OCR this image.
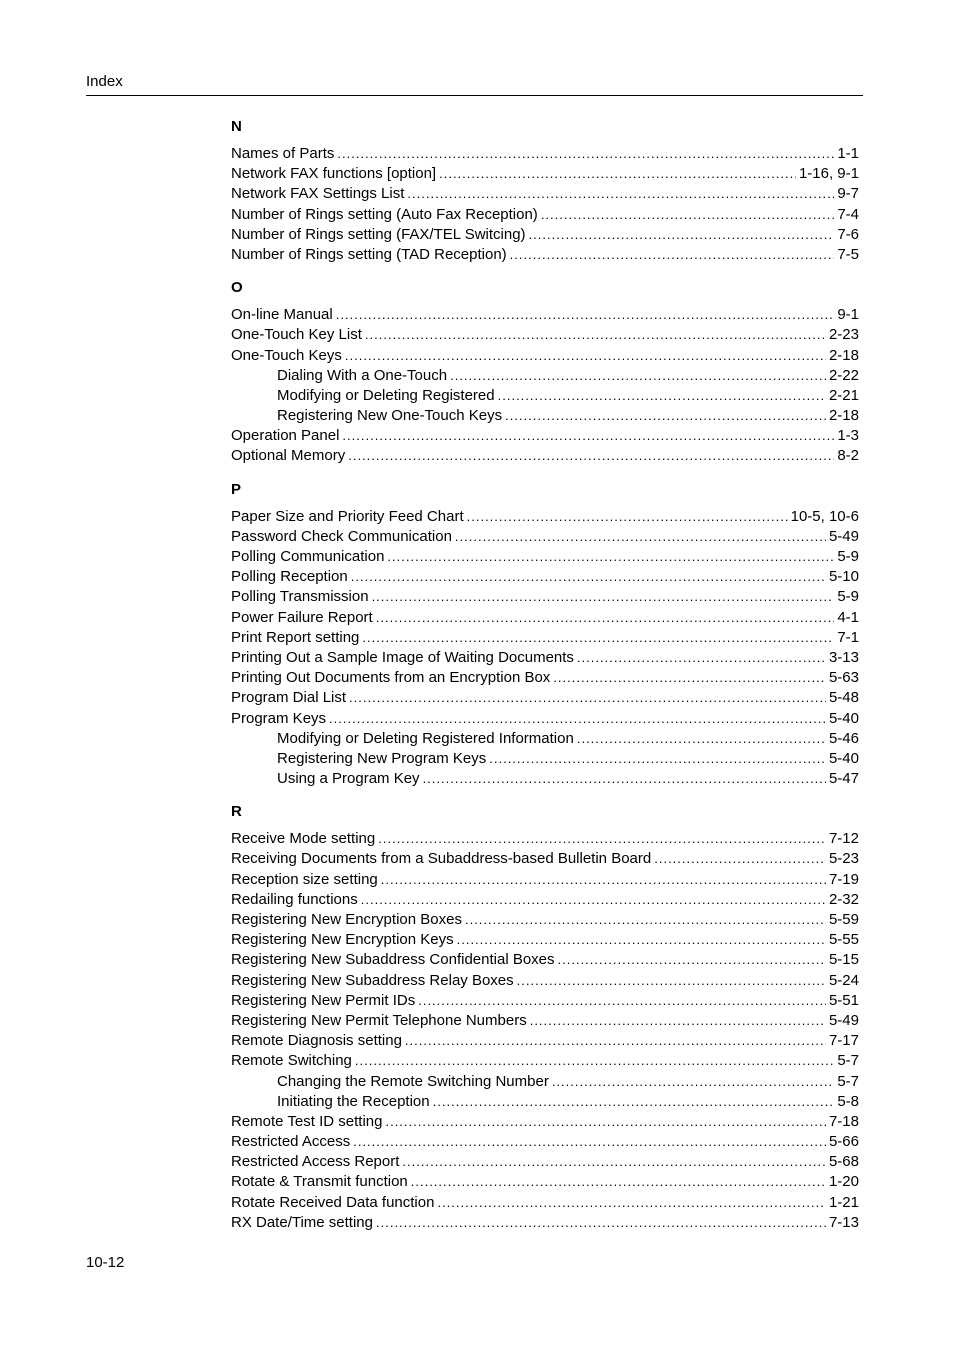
Index
N
Names of Parts .....	1-1
Network FAX functions [option] .....	1-16, 9-1
Network FAX Settings List .....	9-7
Number of Rings setting (Auto Fax Reception) .....	7-4
Number of Rings setting (FAX/TEL Switcing) .....	7-6
Number of Rings setting (TAD Reception) .....	7-5
O
On-line Manual .....	9-1
One-Touch Key List .....	2-23
One-Touch Keys .....	2-18
Dialing With a One-Touch .....	2-22
Modifying or Deleting Registered .....	2-21
Registering New One-Touch Keys .....	2-18
Operation Panel .....	1-3
Optional Memory .....	8-2
P
Paper Size and Priority Feed Chart .....	10-5, 10-6
Password Check Communication .....	5-49
Polling Communication .....	5-9
Polling Reception .....	5-10
Polling Transmission .....	5-9
Power Failure Report .....	4-1
Print Report setting .....	7-1
Printing Out a Sample Image of Waiting Documents .....	3-13
Printing Out Documents from an Encryption Box .....	5-63
Program Dial List .....	5-48
Program Keys .....	5-40
Modifying or Deleting Registered Information .....	5-46
Registering New Program Keys .....	5-40
Using a Program Key .....	5-47
R
Receive Mode setting .....	7-12
Receiving Documents from a Subaddress-based Bulletin Board .....	5-23
Reception size setting .....	7-19
Redailing functions .....	2-32
Registering New Encryption Boxes .....	5-59
Registering New Encryption Keys .....	5-55
Registering New Subaddress Confidential Boxes .....	5-15
Registering New Subaddress Relay Boxes .....	5-24
Registering New Permit IDs .....	5-51
Registering New Permit Telephone Numbers .....	5-49
Remote Diagnosis setting .....	7-17
Remote Switching .....	5-7
Changing the Remote Switching Number .....	5-7
Initiating the Reception .....	5-8
Remote Test ID setting .....	7-18
Restricted Access .....	5-66
Restricted Access Report .....	5-68
Rotate & Transmit function .....	1-20
Rotate Received Data function .....	1-21
RX Date/Time setting .....	7-13
10-12
